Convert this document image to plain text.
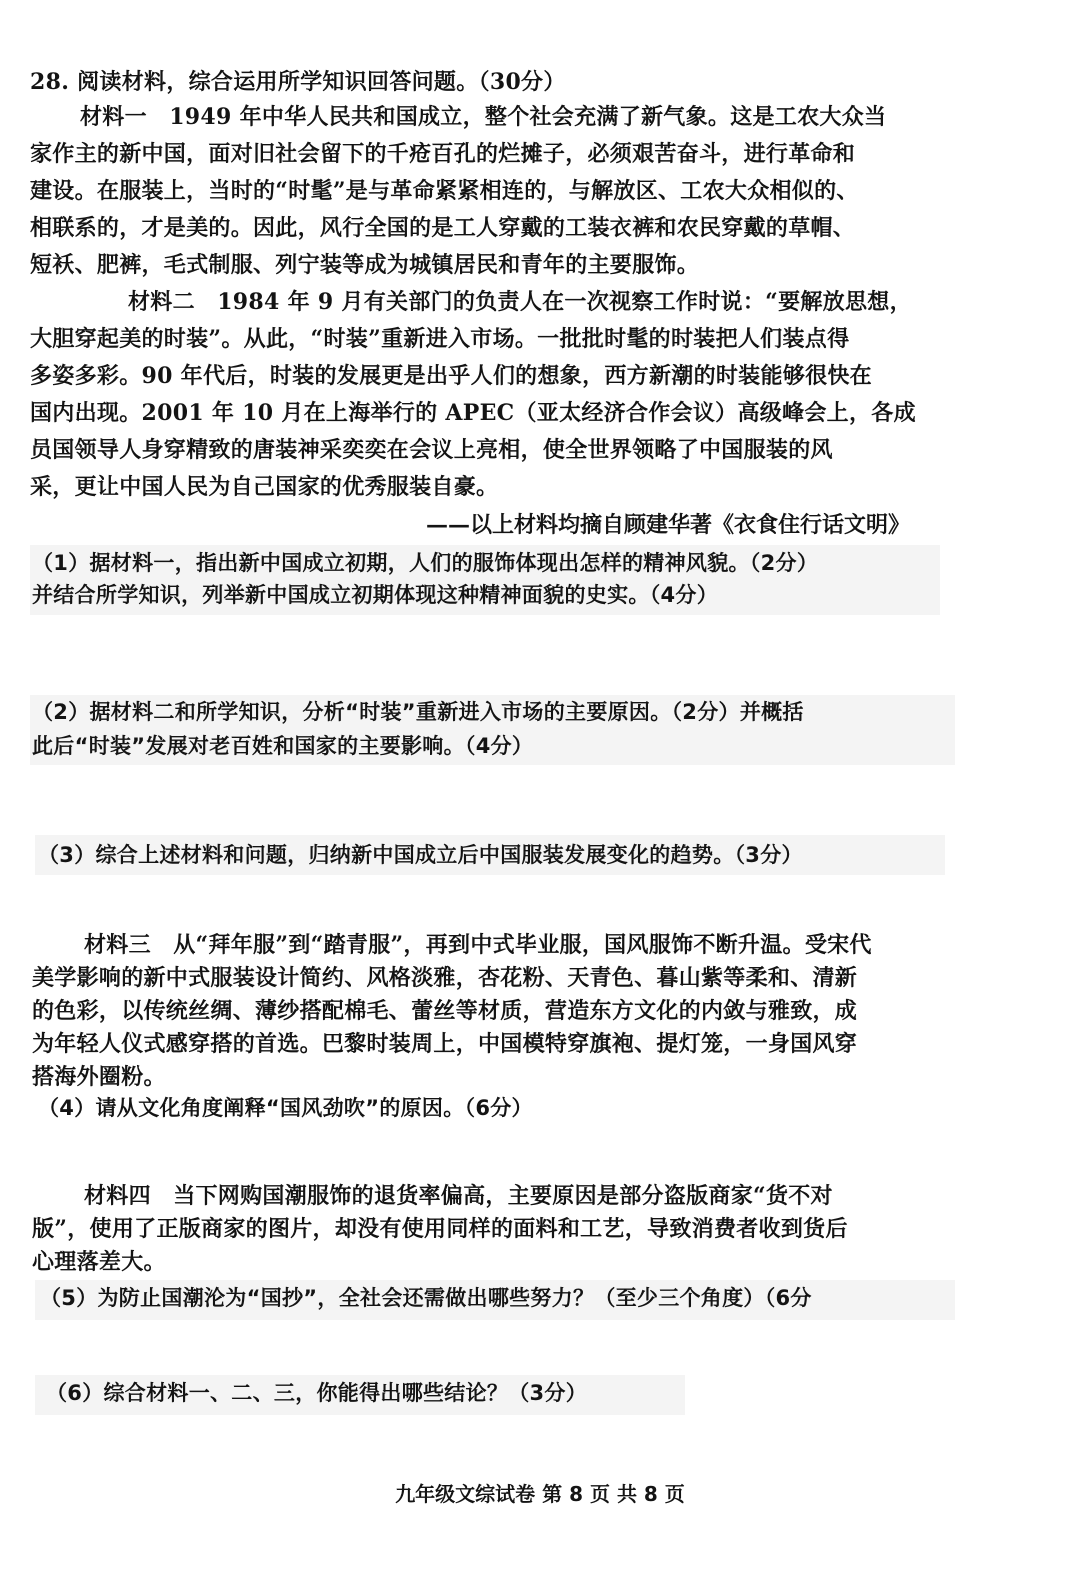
28. 阅读材料，综合运用所学知识回答问题。（30分）
材料一　1949 年中华人民共和国成立，整个社会充满了新气象。这是工农大众当
家作主的新中国，面对旧社会留下的千疮百孔的烂摊子，必须艰苦奋斗，进行革命和
建设。在服装上，当时的“时髦”是与革命紧紧相连的，与解放区、工农大众相似的、
相联系的，才是美的。因此，风行全国的是工人穿戴的工装衣裤和农民穿戴的草帽、
短袄、肥裤，毛式制服、列宁装等成为城镇居民和青年的主要服饰。
材料二　1984 年 9 月有关部门的负责人在一次视察工作时说：“要解放思想，
大胆穿起美的时装”。从此，“时装”重新进入市场。一批批时髦的时装把人们装点得
多姿多彩。90 年代后，时装的发展更是出乎人们的想象，西方新潮的时装能够很快在
国内出现。2001 年 10 月在上海举行的 APEC（亚太经济合作会议）高级峰会上，各成
员国领导人身穿精致的唐装神采奕奕在会议上亮相，使全世界领略了中国服装的风
采，更让中国人民为自己国家的优秀服装自豪。
——以上材料均摘自顾建华著《衣食住行话文明》
（1）据材料一，指出新中国成立初期，人们的服饰体现出怎样的精神风貌。（2分）
并结合所学知识，列举新中国成立初期体现这种精神面貌的史实。（4分）
（2）据材料二和所学知识，分析“时装”重新进入市场的主要原因。（2分）并概括
此后“时装”发展对老百姓和国家的主要影响。（4分）
（3）综合上述材料和问题，归纳新中国成立后中国服装发展变化的趋势。（3分）
材料三　从“拜年服”到“踏青服”，再到中式毕业服，国风服饰不断升温。受宋代
美学影响的新中式服装设计简约、风格淡雅，杏花粉、天青色、暮山紫等柔和、清新
的色彩，以传统丝绸、薄纱搭配棉毛、蕾丝等材质，营造东方文化的内敛与雅致，成
为年轻人仪式感穿搭的首选。巴黎时装周上，中国模特穿旗袍、提灯笼，一身国风穿
搭海外圈粉。
（4）请从文化角度阐释“国风劲吹”的原因。（6分）
材料四　当下网购国潮服饰的退货率偏高，主要原因是部分盗版商家“货不对
版”，使用了正版商家的图片，却没有使用同样的面料和工艺，导致消费者收到货后
心理落差大。
（5）为防止国潮沦为“国抄”，全社会还需做出哪些努力？（至少三个角度）（6分
（6）综合材料一、二、三，你能得出哪些结论？（3分）
九年级文综试卷 第 8 页 共 8 页
